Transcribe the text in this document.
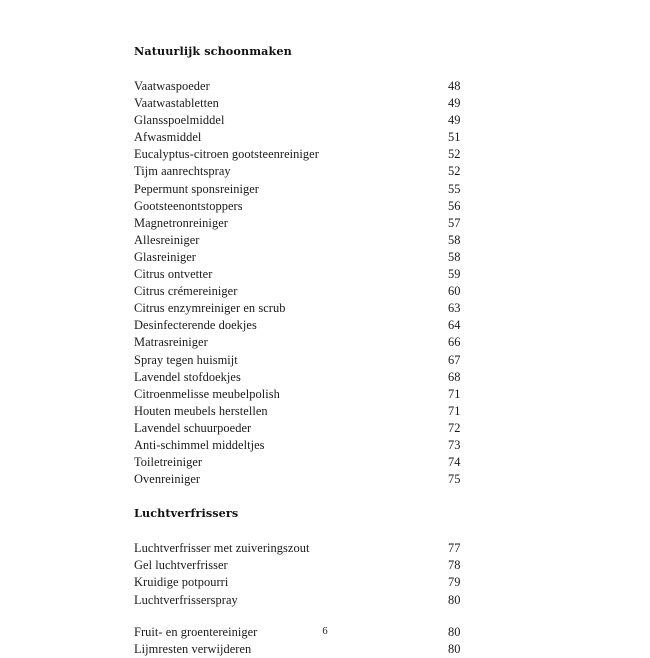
Natuurlijk schoonmaken
Vaatwaspoeder	48
Vaatwastabletten	49
Glansspoelmiddel	49
Afwasmiddel	51
Eucalyptus-citroen gootsteenreiniger	52
Tijm aanrechtspray	52
Pepermunt sponsreiniger	55
Gootsteenontstoppers	56
Magnetronreiniger	57
Allesreiniger	58
Glasreiniger	58
Citrus ontvetter	59
Citrus crémereiniger	60
Citrus enzymreiniger en scrub	63
Desinfecterende doekjes	64
Matrasreiniger	66
Spray tegen huismijt	67
Lavendel stofdoekjes	68
Citroenmelisse meubelpolish	71
Houten meubels herstellen	71
Lavendel schuurpoeder	72
Anti-schimmel middeltjes	73
Toiletreiniger	74
Ovenreiniger	75
Luchtverfrissers
Luchtverfrisser met zuiveringszout	77
Gel luchtverfrisser	78
Kruidige potpourri	79
Luchtverfrisserspray	80
Fruit- en groentereiniger	80
Lijmresten verwijderen	80
6
